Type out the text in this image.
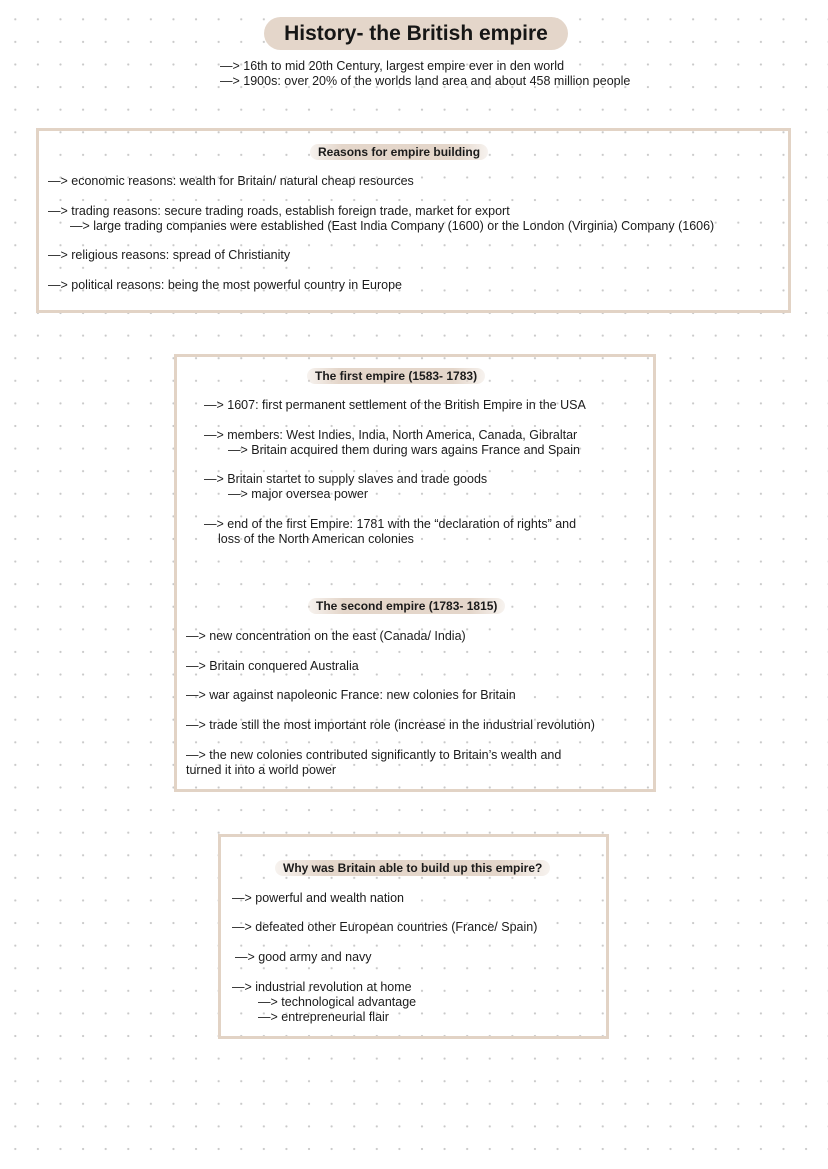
History- the British empire
—> 16th to mid 20th Century, largest empire ever in den world
—> 1900s: over 20% of the worlds land area and about 458 million people
Reasons for empire building
—> economic reasons: wealth for Britain/ natural cheap resources
—> trading reasons: secure trading roads, establish foreign trade, market for export
—> large trading companies were established (East India Company (1600) or the London (Virginia) Company (1606)
—> religious reasons: spread of Christianity
—> political reasons: being the most powerful country in Europe
The first empire (1583- 1783)
—> 1607: first permanent settlement of the British Empire in the USA
—> members: West Indies, India, North America, Canada, Gibraltar
—> Britain acquired them during wars agains France and Spain
—> Britain startet to supply slaves and trade goods
—> major oversea power
—> end of the first Empire: 1781 with the “declaration of rights” and
loss of the North American colonies
The second empire (1783- 1815)
—> new concentration on the east (Canada/ India)
—> Britain conquered Australia
—> war against napoleonic France: new colonies for Britain
—> trade still the most important role (increase in the industrial revolution)
—> the new colonies contributed significantly to Britain’s wealth and
turned it into a world power
Why was Britain able to build up this empire?
—> powerful and wealth nation
—> defeated other European countries (France/ Spain)
—> good army and navy
—> industrial revolution at home
—> technological advantage
—> entrepreneurial flair
